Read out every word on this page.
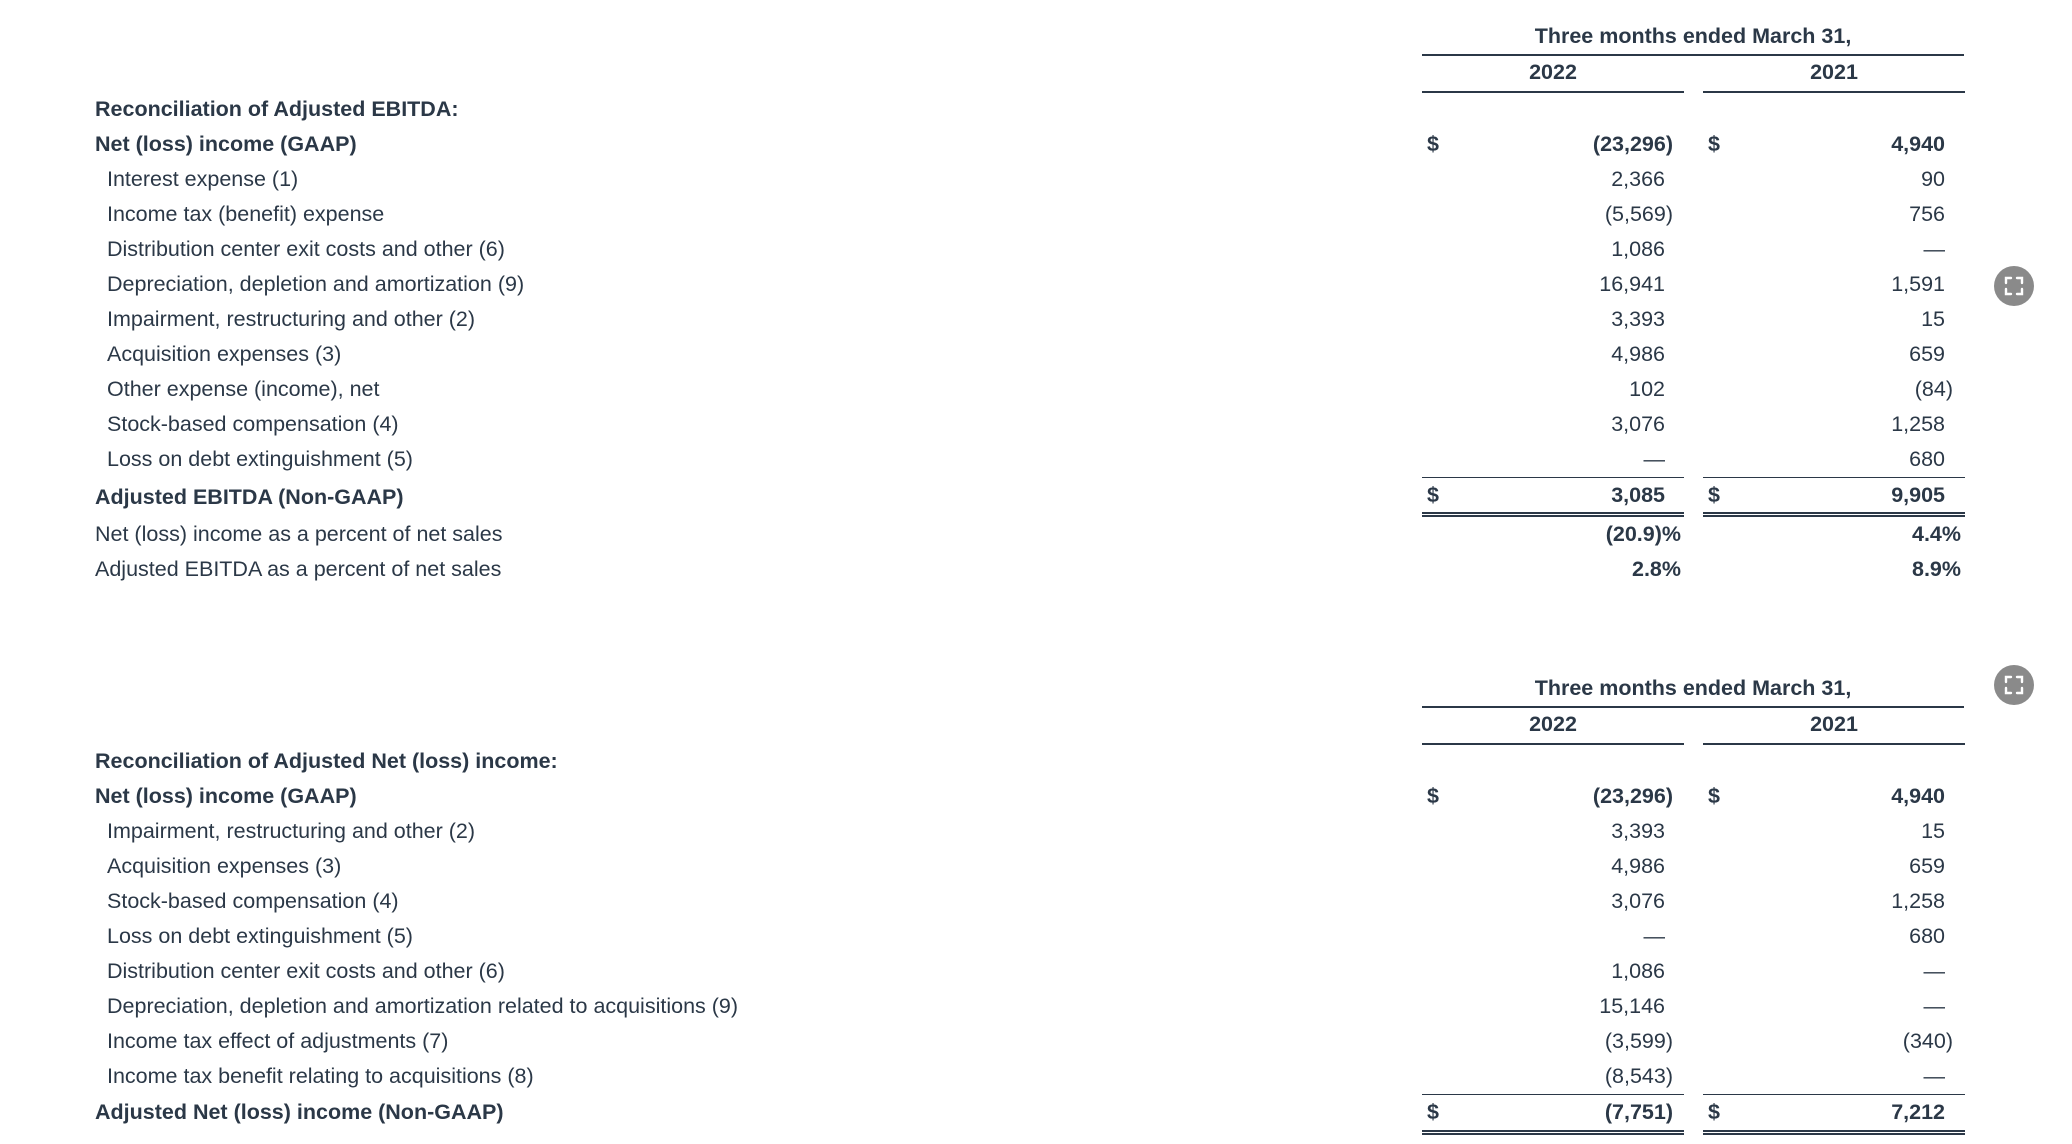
Three months ended March 31,
2022	2021
Reconciliation of Adjusted EBITDA:
Net (loss) income (GAAP)	$	(23,296) $	4,940
Interest expense (1)	2,366	90
Income tax (benefit) expense	(5,569)	756
Distribution center exit costs and other (6)	1,086	—
Depreciation, depletion and amortization (9)	16,941	1,591
Impairment, restructuring and other (2)	3,393	15
Acquisition expenses (3)	4,986	659
Other expense (income), net	102	(84)
Stock-based compensation (4)	3,076	1,258
Loss on debt extinguishment (5)	—	680
Adjusted EBITDA (Non-GAAP)	$	3,085 $	9,905
Net (loss) income as a percent of net sales	(20.9)%	4.4%
Adjusted EBITDA as a percent of net sales	2.8%	8.9%
Three months ended March 31,
2022	2021
Reconciliation of Adjusted Net (loss) income:
Net (loss) income (GAAP)	$	(23,296) $	4,940
Impairment, restructuring and other (2)	3,393	15
Acquisition expenses (3)	4,986	659
Stock-based compensation (4)	3,076	1,258
Loss on debt extinguishment (5)	—	680
Distribution center exit costs and other (6)	1,086	—
Depreciation, depletion and amortization related to acquisitions (9)	15,146	—
Income tax effect of adjustments (7)	(3,599)	(340)
Income tax benefit relating to acquisitions (8)	(8,543)	—
Adjusted Net (loss) income (Non-GAAP)	$	(7,751) $	7,212
